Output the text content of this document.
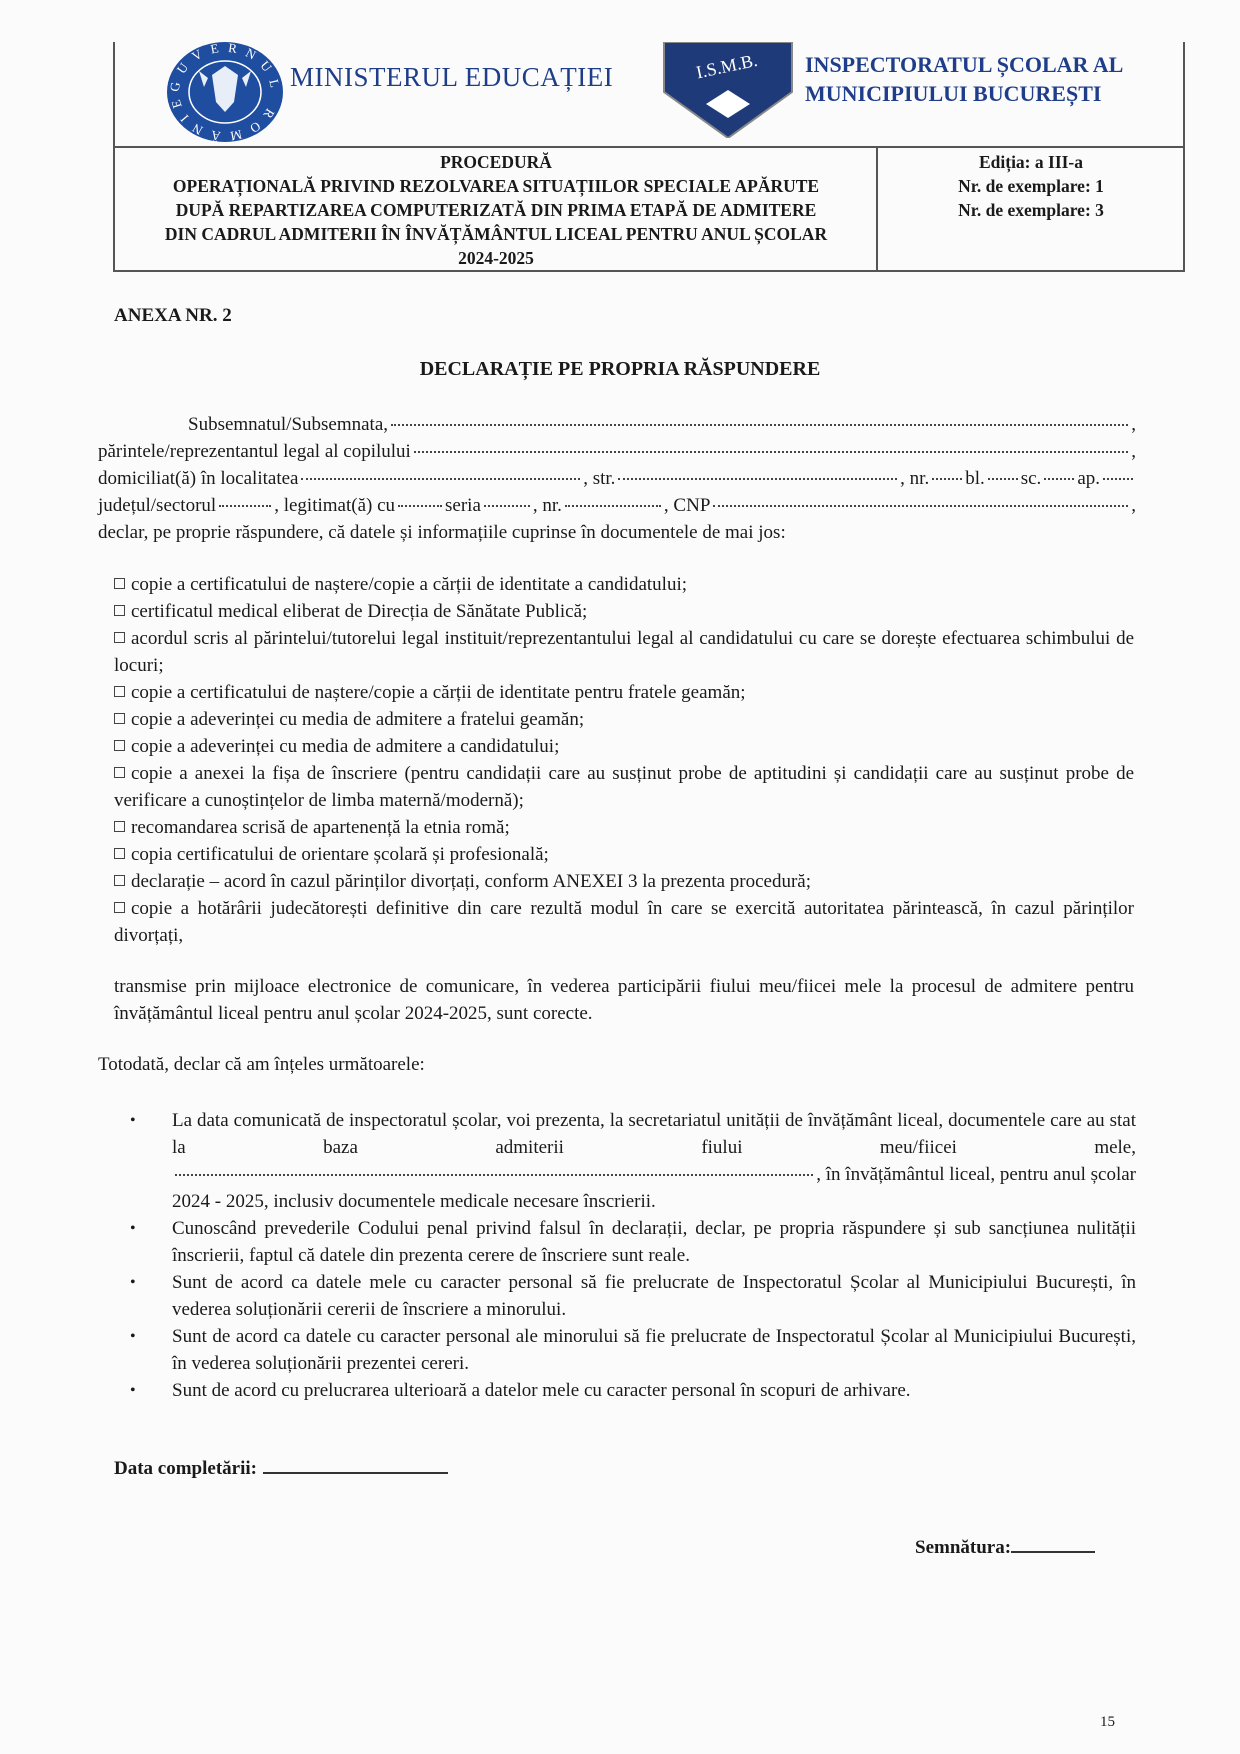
GUVERNUL ROMÂNIE
MINISTERUL EDUCAȚIEI	I.S.M.B. INSPECTORATUL ȘCOLAR AL
MUNICIPIULUI BUCUREȘTI
PROCEDURĂ
OPERAȚIONALĂ PRIVIND REZOLVAREA SITUAȚIILOR SPECIALE APĂRUTE
DUPĂ REPARTIZAREA COMPUTERIZATĂ DIN PRIMA ETAPĂ DE ADMITERE
DIN CADRUL ADMITERII ÎN ÎNVĂȚĂMÂNTUL LICEAL PENTRU ANUL ȘCOLAR
2024-2025
Ediția: a III-a
Nr. de exemplare: 1
Nr. de exemplare: 3
ANEXA NR. 2
DECLARAȚIE PE PROPRIA RĂSPUNDERE
Subsemnatul/Subsemnata,	,
părintele/reprezentantul legal al copilului	,
domiciliat(ă) în localitatea	, str.	, nr. bl. sc. ap.
județul/sectorul	, legitimat(ă) cu	seria	, nr.	, CNP	,
declar, pe proprie răspundere, că datele și informațiile cuprinse în documentele de mai jos:
copie a certificatului de naștere/copie a cărții de identitate a candidatului;
certificatul medical eliberat de Direcția de Sănătate Publică;
acordul scris al părintelui/tutorelui legal instituit/reprezentantului legal al candidatului cu care se dorește efectuarea schimbului de locuri;
copie a certificatului de naștere/copie a cărții de identitate pentru fratele geamăn;
copie a adeverinței cu media de admitere a fratelui geamăn;
copie a adeverinței cu media de admitere a candidatului;
copie a anexei la fișa de înscriere (pentru candidații care au susținut probe de aptitudini și candidații care au susținut probe de verificare a cunoștințelor de limba maternă/modernă);
recomandarea scrisă de apartenență la etnia romă;
copia certificatului de orientare școlară și profesională;
declarație – acord în cazul părinților divorțați, conform ANEXEI 3 la prezenta procedură;
copie a hotărârii judecătorești definitive din care rezultă modul în care se exercită autoritatea părintească, în cazul părinților divorțați,
transmise prin mijloace electronice de comunicare, în vederea participării fiului meu/fiicei mele la procesul de admitere pentru învățământul liceal pentru anul școlar 2024-2025, sunt corecte.
Totodată, declar că am înțeles următoarele:
•	La data comunicată de inspectoratul școlar, voi prezenta, la secretariatul unității de învățământ liceal, documentele care au stat la baza admiterii fiului meu/fiicei mele,
, în învățământul liceal, pentru anul școlar
2024 - 2025, inclusiv documentele medicale necesare înscrierii.
•	Cunoscând prevederile Codului penal privind falsul în declarații, declar, pe propria răspundere și sub sancțiunea nulității înscrierii, faptul că datele din prezenta cerere de înscriere sunt reale.
•	Sunt de acord ca datele mele cu caracter personal să fie prelucrate de Inspectoratul Școlar al Municipiului București, în vederea soluționării cererii de înscriere a minorului.
•	Sunt de acord ca datele cu caracter personal ale minorului să fie prelucrate de Inspectoratul Școlar al Municipiului București, în vederea soluționării prezentei cereri.
•	Sunt de acord cu prelucrarea ulterioară a datelor mele cu caracter personal în scopuri de arhivare.
Data completării:
Semnătura:
15
